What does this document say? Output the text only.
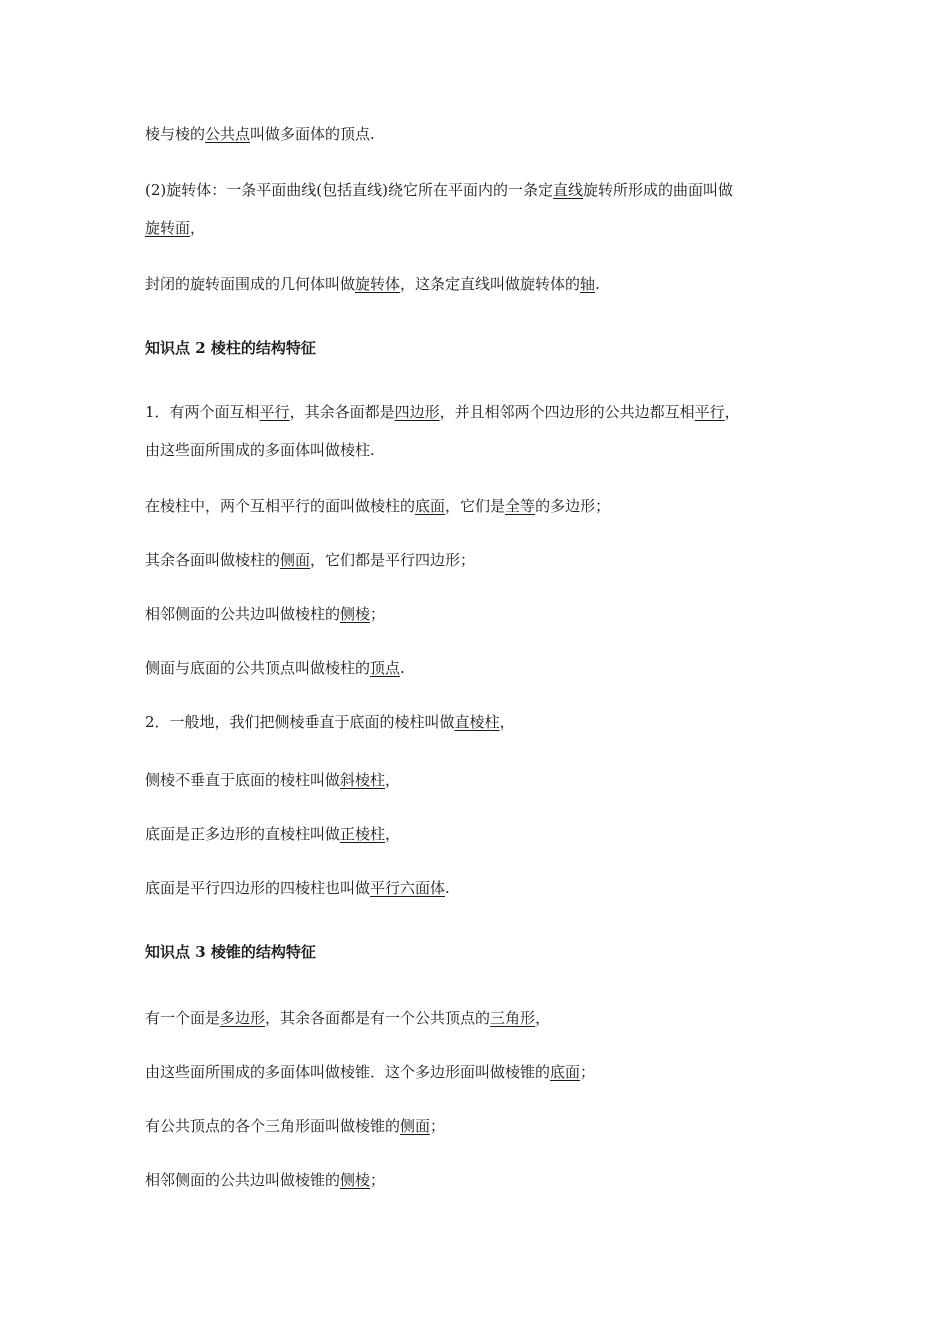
棱与棱的公共点叫做多面体的顶点.
(2)旋转体：一条平面曲线(包括直线)绕它所在平面内的一条定直线旋转所形成的曲面叫做
旋转面，
封闭的旋转面围成的几何体叫做旋转体，这条定直线叫做旋转体的轴.
知识点 2 棱柱的结构特征
1．有两个面互相平行，其余各面都是四边形，并且相邻两个四边形的公共边都互相平行，
由这些面所围成的多面体叫做棱柱.
在棱柱中，两个互相平行的面叫做棱柱的底面，它们是全等的多边形；
其余各面叫做棱柱的侧面，它们都是平行四边形；
相邻侧面的公共边叫做棱柱的侧棱；
侧面与底面的公共顶点叫做棱柱的顶点.
2．一般地，我们把侧棱垂直于底面的棱柱叫做直棱柱，
侧棱不垂直于底面的棱柱叫做斜棱柱，
底面是正多边形的直棱柱叫做正棱柱，
底面是平行四边形的四棱柱也叫做平行六面体.
知识点 3 棱锥的结构特征
有一个面是多边形，其余各面都是有一个公共顶点的三角形，
由这些面所围成的多面体叫做棱锥．这个多边形面叫做棱锥的底面；
有公共顶点的各个三角形面叫做棱锥的侧面；
相邻侧面的公共边叫做棱锥的侧棱；
